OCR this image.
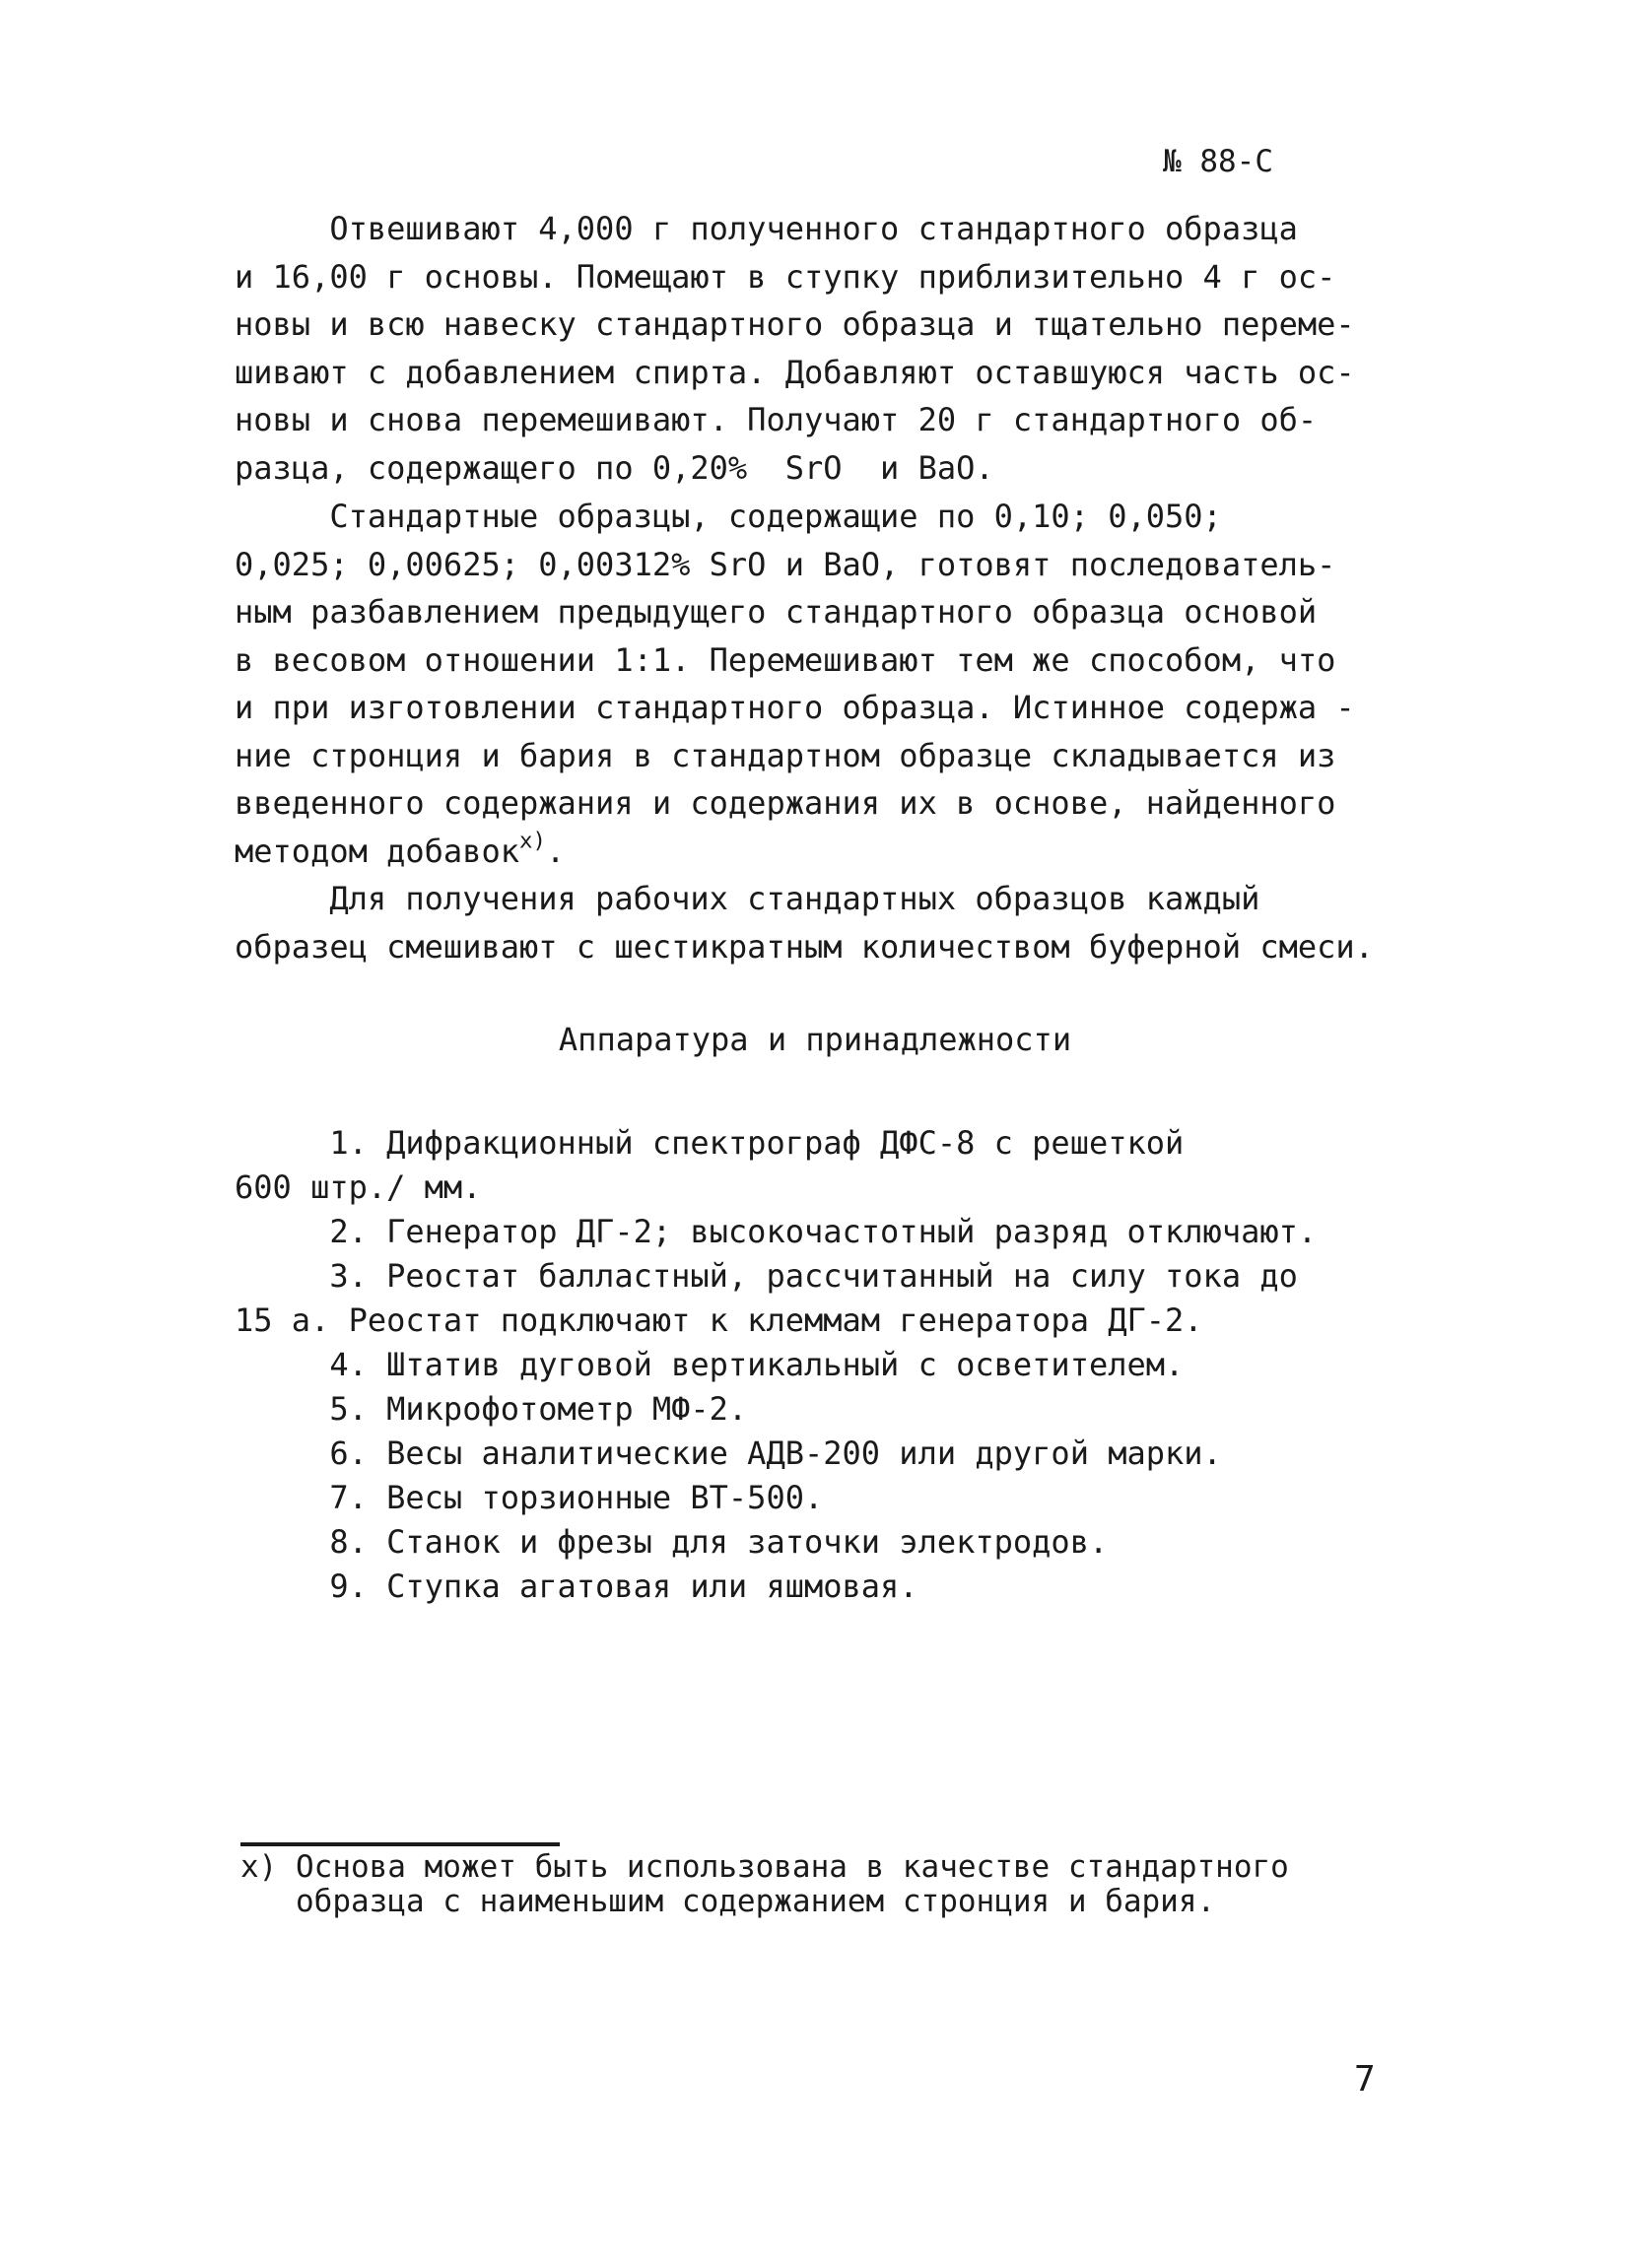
№ 88-С
Отвешивают 4,000 г полученного стандартного образца
и 16,00 г основы. Помещают в ступку приблизительно 4 г ос-
новы и всю навеску стандартного образца и тщательно переме-
шивают с добавлением спирта. Добавляют оставшуюся часть ос-
новы и снова перемешивают. Получают 20 г стандартного об-
разца, содержащего по 0,20%  SrO  и BaO.
Стандартные образцы, содержащие по 0,10; 0,050;
0,025; 0,00625; 0,00312% SrO и BaO, готовят последователь-
ным разбавлением предыдущего стандартного образца основой
в весовом отношении 1:1. Перемешивают тем же способом, что
и при изготовлении стандартного образца. Истинное содержа -
ние стронция и бария в стандартном образце складывается из
введенного содержания и содержания их в основе, найденного
методом добавок$^{x)}$.
Для получения рабочих стандартных образцов каждый
образец смешивают с шестикратным количеством буферной смеси.
Аппаратура и принадлежности
1. Дифракционный спектрограф ДФС-8 с решеткой
600 штр./ мм.
2. Генератор ДГ-2; высокочастотный разряд отключают.
3. Реостат балластный, рассчитанный на силу тока до
15 а. Реостат подключают к клеммам генератора ДГ-2.
4. Штатив дуговой вертикальный с осветителем.
5. Микрофотометр МФ-2.
6. Весы аналитические АДВ-200 или другой марки.
7. Весы торзионные ВТ-500.
8. Станок и фрезы для заточки электродов.
9. Ступка агатовая или яшмовая.
x) Основа может быть использована в качестве стандартного
образца с наименьшим содержанием стронция и бария.
7
